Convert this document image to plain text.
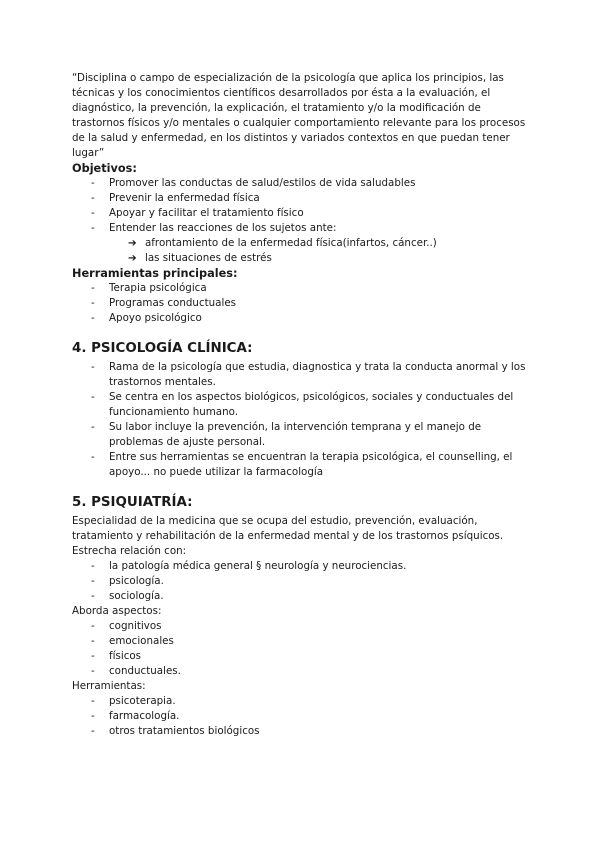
“Disciplina o campo de especialización de la psicología que aplica los principios, las técnicas y los conocimientos científicos desarrollados por ésta a la evaluación, el diagnóstico, la prevención, la explicación, el tratamiento y/o la modificación de trastornos físicos y/o mentales o cualquier comportamiento relevante para los procesos de la salud y enfermedad, en los distintos y variados contextos en que puedan tener lugar”

Objetivos:

- Promover las conductas de salud/estilos de vida saludables
- Prevenir la enfermedad física
- Apoyar y facilitar el tratamiento físico
- Entender las reacciones de los sujetos ante:
➔ afrontamiento de la enfermedad física(infartos, cáncer..)
➔ las situaciones de estrés

Herramientas principales:

- Terapia psicológica
- Programas conductuales
- Apoyo psicológico

4. PSICOLOGÍA CLÍNICA:

- Rama de la psicología que estudia, diagnostica y trata la conducta anormal y los trastornos mentales.
- Se centra en los aspectos biológicos, psicológicos, sociales y conductuales del funcionamiento humano.
- Su labor incluye la prevención, la intervención temprana y el manejo de problemas de ajuste personal.
- Entre sus herramientas se encuentran la terapia psicológica, el counselling, el apoyo... no puede utilizar la farmacología

5. PSIQUIATRÍA:

Especialidad de la medicina que se ocupa del estudio, prevención, evaluación, tratamiento y rehabilitación de la enfermedad mental y de los trastornos psíquicos.

Estrecha relación con:

- la patología médica general § neurología y neurociencias.
- psicología.
- sociología.

Aborda aspectos:

- cognitivos
- emocionales
- físicos
- conductuales.

Herramientas:

- psicoterapia.
- farmacología.
- otros tratamientos biológicos
